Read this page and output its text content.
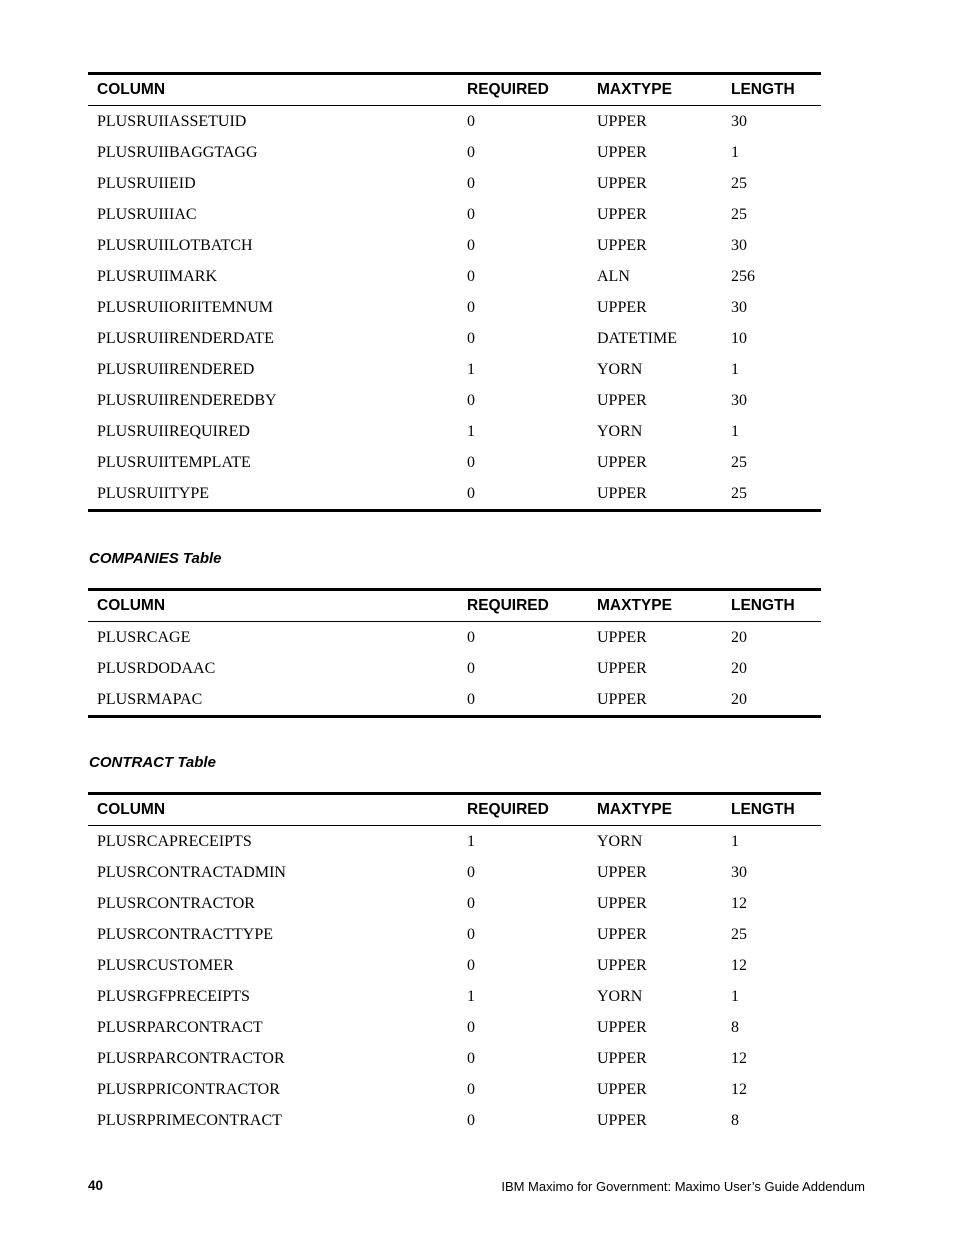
COLUMN	REQUIRED	MAXTYPE	LENGTH
PLUSRUIIASSETUID	0	UPPER	30
PLUSRUIIBAGGTAGG	0	UPPER	1
PLUSRUIIEID	0	UPPER	25
PLUSRUIIIAC	0	UPPER	25
PLUSRUIILOTBATCH	0	UPPER	30
PLUSRUIIMARK	0	ALN	256
PLUSRUIIORIITEMNUM	0	UPPER	30
PLUSRUIIRENDERDATE	0	DATETIME	10
PLUSRUIIRENDERED	1	YORN	1
PLUSRUIIRENDEREDBY	0	UPPER	30
PLUSRUIIREQUIRED	1	YORN	1
PLUSRUIITEMPLATE	0	UPPER	25
PLUSRUIITYPE	0	UPPER	25

COMPANIES Table

COLUMN	REQUIRED	MAXTYPE	LENGTH
PLUSRCAGE	0	UPPER	20
PLUSRDODAAC	0	UPPER	20
PLUSRMAPAC	0	UPPER	20

CONTRACT Table

COLUMN	REQUIRED	MAXTYPE	LENGTH
PLUSRCAPRECEIPTS	1	YORN	1
PLUSRCONTRACTADMIN	0	UPPER	30
PLUSRCONTRACTOR	0	UPPER	12
PLUSRCONTRACTTYPE	0	UPPER	25
PLUSRCUSTOMER	0	UPPER	12
PLUSRGFPRECEIPTS	1	YORN	1
PLUSRPARCONTRACT	0	UPPER	8
PLUSRPARCONTRACTOR	0	UPPER	12
PLUSRPRICONTRACTOR	0	UPPER	12
PLUSRPRIMECONTRACT	0	UPPER	8
40	IBM Maximo for Government: Maximo User’s Guide Addendum
